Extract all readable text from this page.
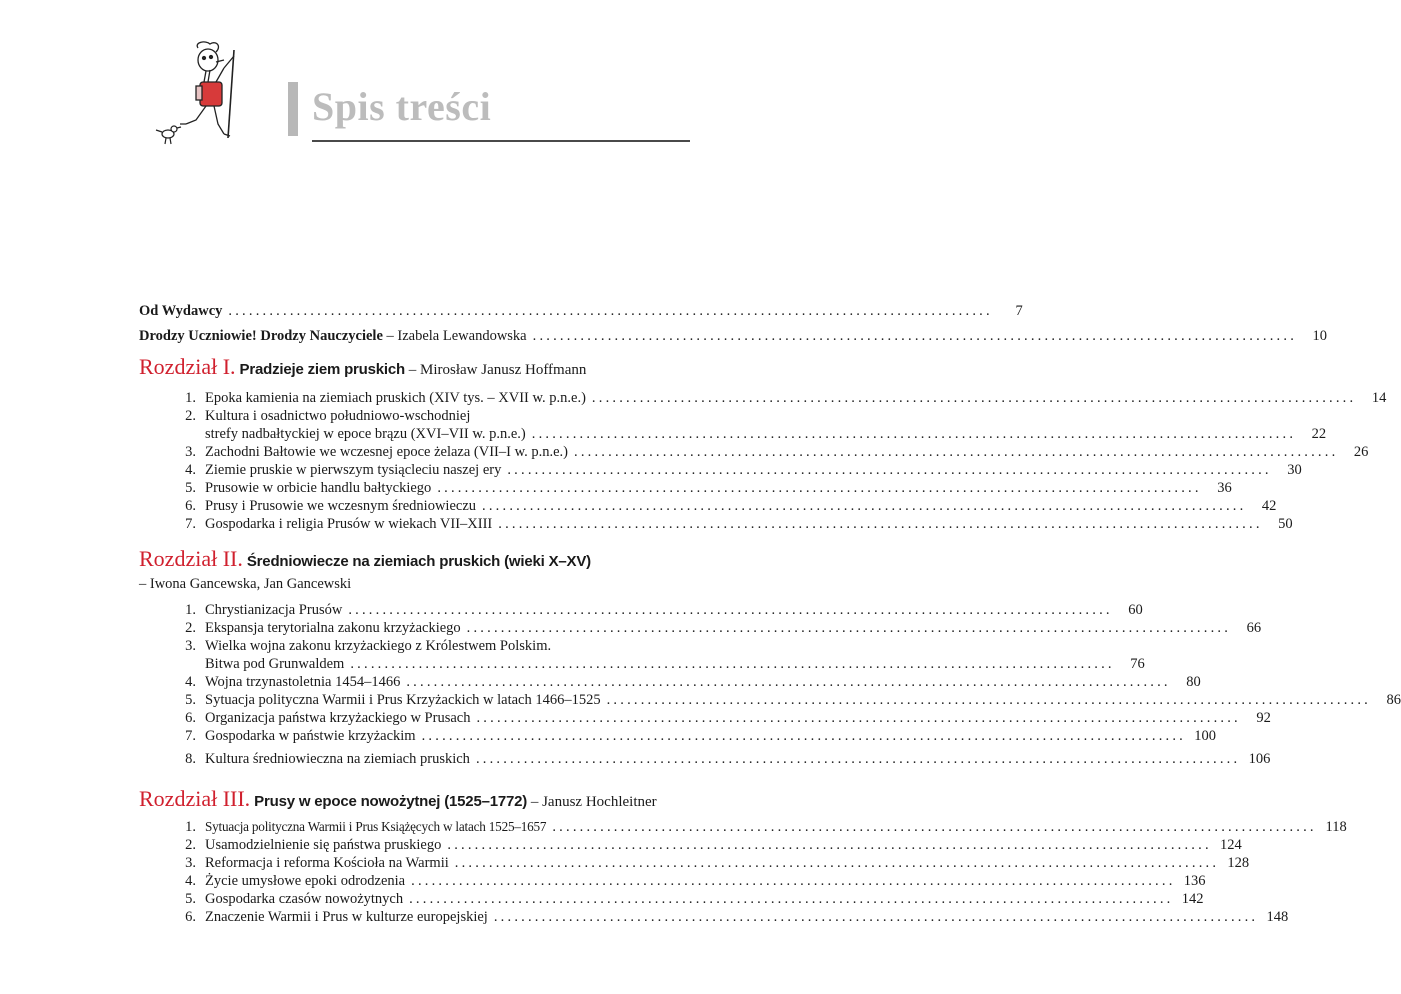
Spis treści
Od Wydawcy ................................................................................................................	7
Drodzy Uczniowie! Drodzy Nauczyciele – Izabela Lewandowska ................................................................................................................	10
Rozdział I. Pradzieje ziem pruskich – Mirosław Janusz Hoffmann
1. Epoka kamienia na ziemiach pruskich (XIV tys. – XVII w. p.n.e.) ................................................................................................................	14
2. Kultura i osadnictwo południowo-wschodniej
strefy nadbałtyckiej w epoce brązu (XVI–VII w. p.n.e.) ................................................................................................................	22
3. Zachodni Bałtowie we wczesnej epoce żelaza (VII–I w. p.n.e.) ................................................................................................................	26
4. Ziemie pruskie w pierwszym tysiącleciu naszej ery ................................................................................................................	30
5. Prusowie w orbicie handlu bałtyckiego ................................................................................................................	36
6. Prusy i Prusowie we wczesnym średniowieczu ................................................................................................................	42
7. Gospodarka i religia Prusów w wiekach VII–XIII ................................................................................................................	50
Rozdział II. Średniowiecze na ziemiach pruskich (wieki X–XV)
– Iwona Gancewska, Jan Gancewski
1. Chrystianizacja Prusów ................................................................................................................	60
2. Ekspansja terytorialna zakonu krzyżackiego ................................................................................................................	66
3. Wielka wojna zakonu krzyżackiego z Królestwem Polskim.
Bitwa pod Grunwaldem ................................................................................................................	76
4. Wojna trzynastoletnia 1454–1466 ................................................................................................................	80
5. Sytuacja polityczna Warmii i Prus Krzyżackich w latach 1466–1525 ................................................................................................................	86
6. Organizacja państwa krzyżackiego w Prusach ................................................................................................................	92
7. Gospodarka w państwie krzyżackim ................................................................................................................ 100
8. Kultura średniowieczna na ziemiach pruskich ................................................................................................................ 106
Rozdział III. Prusy w epoce nowożytnej (1525–1772) – Janusz Hochleitner
1. Sytuacja polityczna Warmii i Prus Książęcych w latach 1525–1657 ................................................................................................................ 118
2. Usamodzielnienie się państwa pruskiego ................................................................................................................ 124
3. Reformacja i reforma Kościoła na Warmii ................................................................................................................ 128
4. Życie umysłowe epoki odrodzenia ................................................................................................................ 136
5. Gospodarka czasów nowożytnych ................................................................................................................ 142
6. Znaczenie Warmii i Prus w kulturze europejskiej ................................................................................................................ 148
